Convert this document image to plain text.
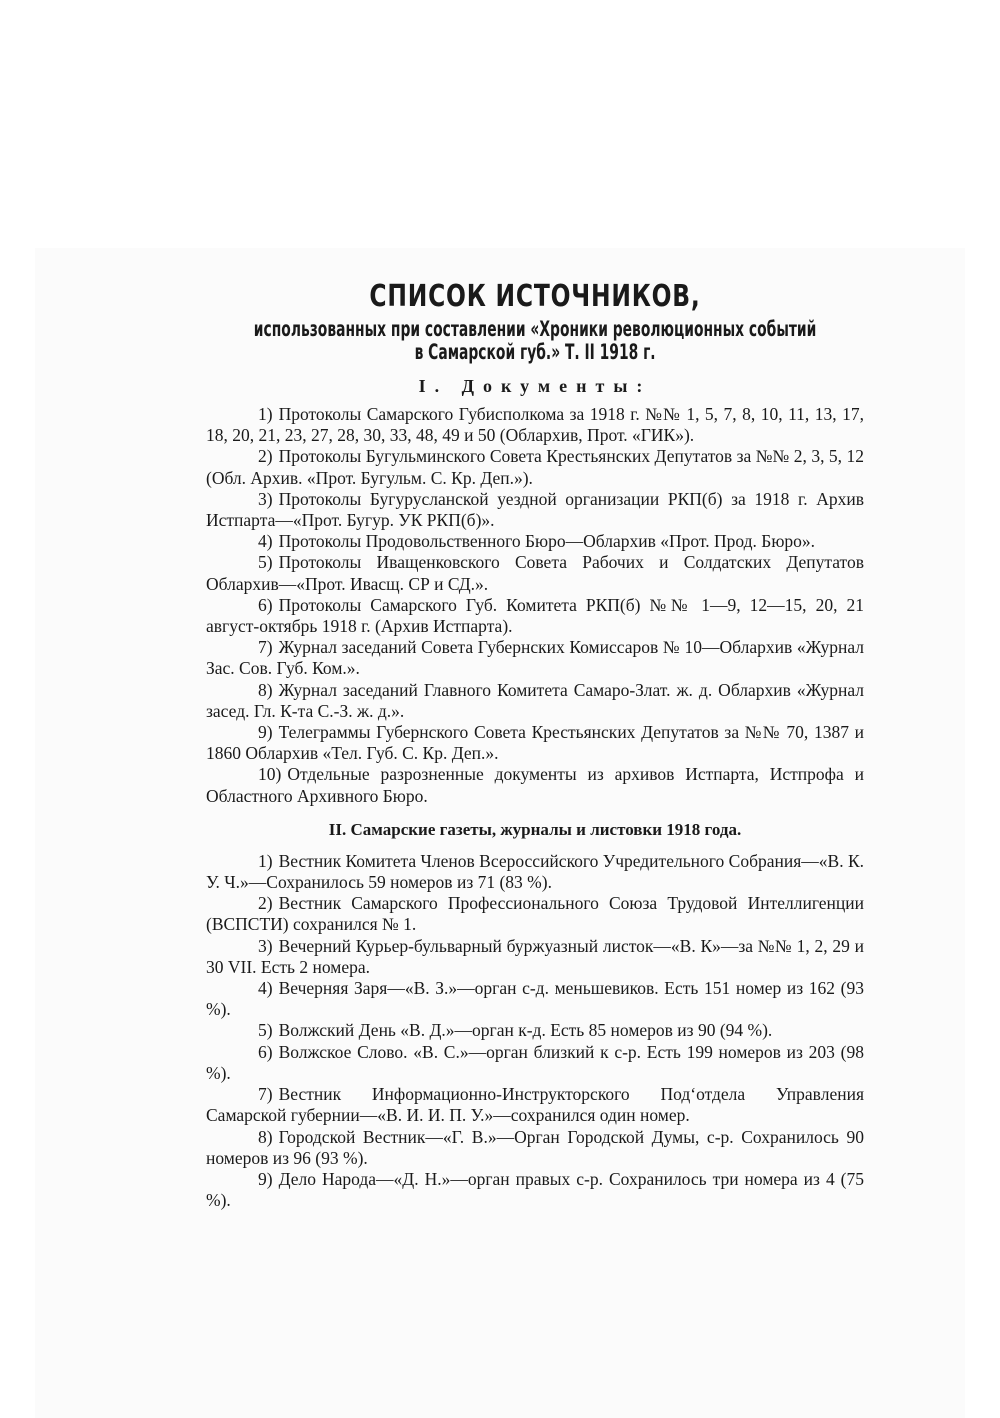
СПИСОК ИСТОЧНИКОВ,

использованных при составлении «Хроники революционных событий

в Самарской губ.» Т. II 1918 г.

I. Документы:
1) Протоколы Самарского Губисполкома за 1918 г. №№ 1, 5, 7, 8, 10, 11, 13, 17, 18, 20, 21, 23, 27, 28, 30, 33, 48, 49 и 50 (Облархив, Прот. «ГИК»).
2) Протоколы Бугульминского Совета Крестьянских Депутатов за №№ 2, 3, 5, 12 (Обл. Архив. «Прот. Бугульм. С. Кр. Деп.»).
3) Протоколы Бугурусланской уездной организации РКП(б) за 1918 г. Архив Истпарта—«Прот. Бугур. УК РКП(б)».
4) Протоколы Продовольственного Бюро—Облархив «Прот. Прод. Бюро».
5) Протоколы Иващенковского Совета Рабочих и Солдатских Депутатов Облархив—«Прот. Ивасщ. СР и СД.».
6) Протоколы Самарского Губ. Комитета РКП(б) №№ 1—9, 12—15, 20, 21 август-октябрь 1918 г. (Архив Истпарта).
7) Журнал заседаний Совета Губернских Комиссаров № 10—Облархив «Журнал Зас. Сов. Губ. Ком.».
8) Журнал заседаний Главного Комитета Самаро-Злат. ж. д. Облархив «Журнал засед. Гл. К-та С.-З. ж. д.».
9) Телеграммы Губернского Совета Крестьянских Депутатов за №№ 70, 1387 и 1860 Облархив «Тел. Губ. С. Кр. Деп.».
10) Отдельные разрозненные документы из архивов Истпарта, Истпрофа и Областного Архивного Бюро.
II. Самарские газеты, журналы и листовки 1918 года.
1) Вестник Комитета Членов Всероссийского Учредительного Собрания—«В. К. У. Ч.»—Сохранилось 59 номеров из 71 (83 %).
2) Вестник Самарского Профессионального Союза Трудовой Интеллигенции (ВСПСТИ) сохранился № 1.
3) Вечерний Курьер-бульварный буржуазный листок—«В. К»—за №№ 1, 2, 29 и 30 VII. Есть 2 номера.
4) Вечерняя Заря—«В. З.»—орган с-д. меньшевиков. Есть 151 номер из 162 (93 %).
5) Волжский День «В. Д.»—орган к-д. Есть 85 номеров из 90 (94 %).
6) Волжское Слово. «В. С.»—орган близкий к с-р. Есть 199 номеров из 203 (98 %).
7) Вестник Информационно-Инструкторского Под‘отдела Управления Самарской губернии—«В. И. И. П. У.»—сохранился один номер.
8) Городской Вестник—«Г. В.»—Орган Городской Думы, с-р. Сохранилось 90 номеров из 96 (93 %).
9) Дело Народа—«Д. Н.»—орган правых с-р. Сохранилось три номера из 4 (75 %).
